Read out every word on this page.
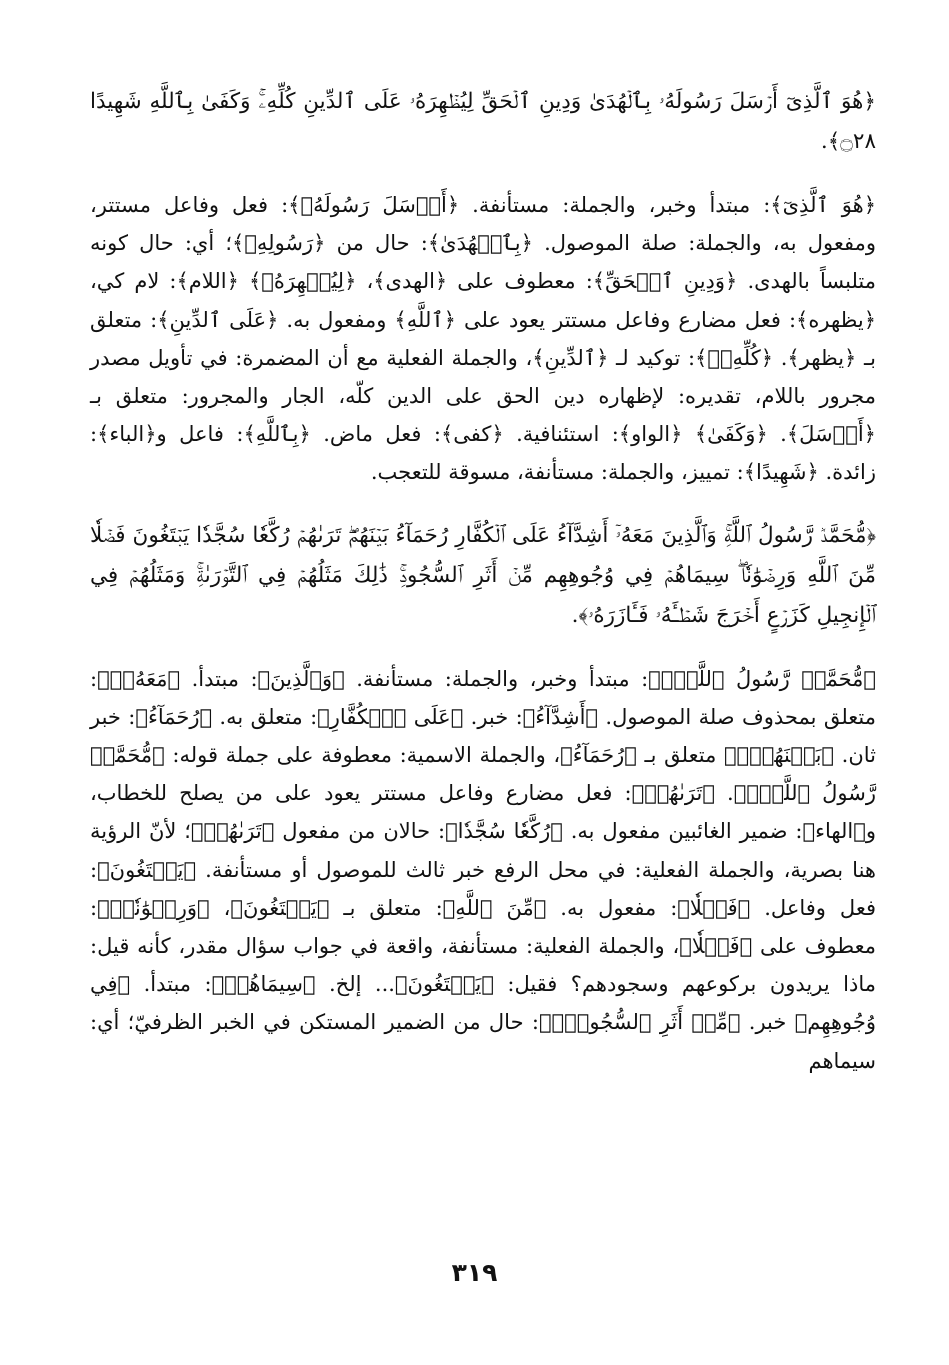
﴿هُوَ ٱلَّذِىٓ أَرۡسَلَ رَسُولَهُۥ بِٱلۡهُدَىٰ وَدِينِ ٱلۡحَقِّ لِيُظۡهِرَهُۥ عَلَى ٱلدِّينِ كُلِّهِۦۚ وَكَفَىٰ بِٱللَّهِ شَهِيدًا ۝٢٨﴾.

﴿هُوَ ٱلَّذِىٓ﴾: مبتدأ وخبر، والجملة: مستأنفة. ﴿أَرۡسَلَ رَسُولَهُۥ﴾: فعل وفاعل مستتر، ومفعول به، والجملة: صلة الموصول. ﴿بِٱلۡهُدَىٰ﴾: حال من ﴿رَسُولِهِۦ﴾؛ أي: حال كونه متلبساً بالهدى. ﴿وَدِينِ ٱلۡحَقِّ﴾: معطوف على ﴿الهدى﴾، ﴿لِيُظۡهِرَهُۥ﴾ ﴿اللام﴾: لام كي، ﴿يظهره﴾: فعل مضارع وفاعل مستتر يعود على ﴿ٱللَّهِ﴾ ومفعول به. ﴿عَلَى ٱلدِّينِ﴾: متعلق بـ ﴿يظهر﴾. ﴿كُلِّهِۦۚ﴾: توكيد لـ ﴿ٱلدِّينِ﴾، والجملة الفعلية مع أن المضمرة: في تأويل مصدر مجرور باللام، تقديره: لإظهاره دين الحق على الدين كلّه، الجار والمجرور: متعلق بـ ﴿أَرۡسَلَ﴾. ﴿وَكَفَىٰ﴾ ﴿الواو﴾: استئنافية. ﴿كفى﴾: فعل ماض. ﴿بِٱللَّهِ﴾: فاعل و﴿الباء﴾: زائدة. ﴿شَهِيدًا﴾: تمييز، والجملة: مستأنفة، مسوقة للتعجب.

﴿مُّحَمَّدٞ رَّسُولُ ٱللَّهِۚ وَٱلَّذِينَ مَعَهُۥٓ أَشِدَّآءُ عَلَى ٱلۡكُفَّارِ رُحَمَآءُ بَيۡنَهُمۡۖ تَرَىٰهُمۡ رُكَّعٗا سُجَّدٗا يَبۡتَغُونَ فَضۡلٗا مِّنَ ٱللَّهِ وَرِضۡوَٰنٗاۖ سِيمَاهُمۡ فِي وُجُوهِهِم مِّنۡ أَثَرِ ٱلسُّجُودِۚ ذَٰلِكَ مَثَلُهُمۡ فِي ٱلتَّوۡرَىٰةِۚ وَمَثَلُهُمۡ فِي ٱلۡإِنجِيلِ كَزَرۡعٍ أَخۡرَجَ شَطۡـَٔهُۥ فَـَٔازَرَهُۥ﴾.

﴿مُّحَمَّدٞ رَّسُولُ ٱللَّهِۚ﴾: مبتدأ وخبر، والجملة: مستأنفة. ﴿وَٱلَّذِينَ﴾: مبتدأ. ﴿مَعَهُۥٓ﴾: متعلق بمحذوف صلة الموصول. ﴿أَشِدَّآءُ﴾: خبر. ﴿عَلَى ٱلۡكُفَّارِ﴾: متعلق به. ﴿رُحَمَآءُ﴾: خبر ثان. ﴿بَيۡنَهُمۡۖ﴾ متعلق بـ ﴿رُحَمَآءُ﴾، والجملة الاسمية: معطوفة على جملة قوله: ﴿مُّحَمَّدٞ رَّسُولُ ٱللَّهِۚ﴾. ﴿تَرَىٰهُمۡ﴾: فعل مضارع وفاعل مستتر يعود على من يصلح للخطاب، و﴿الهاء﴾: ضمير الغائبين مفعول به. ﴿رُكَّعٗا سُجَّدٗا﴾: حالان من مفعول ﴿تَرَىٰهُمۡ﴾؛ لأنّ الرؤية هنا بصرية، والجملة الفعلية: في محل الرفع خبر ثالث للموصول أو مستأنفة. ﴿يَبۡتَغُونَ﴾: فعل وفاعل. ﴿فَضۡلٗا﴾: مفعول به. ﴿مِّنَ ٱللَّهِ﴾: متعلق بـ ﴿يَبۡتَغُونَ﴾، ﴿وَرِضۡوَٰنٗاۖ﴾: معطوف على ﴿فَضۡلٗا﴾، والجملة الفعلية: مستأنفة، واقعة في جواب سؤال مقدر، كأنه قيل: ماذا يريدون بركوعهم وسجودهم؟ فقيل: ﴿يَبۡتَغُونَ﴾... إلخ. ﴿سِيمَاهُمۡ﴾: مبتدأ. ﴿فِي وُجُوهِهِم﴾ خبر. ﴿مِّنۡ أَثَرِ ٱلسُّجُودِۚ﴾: حال من الضمير المستكن في الخبر الظرفيّ؛ أي: سيماهم

٣١٩
